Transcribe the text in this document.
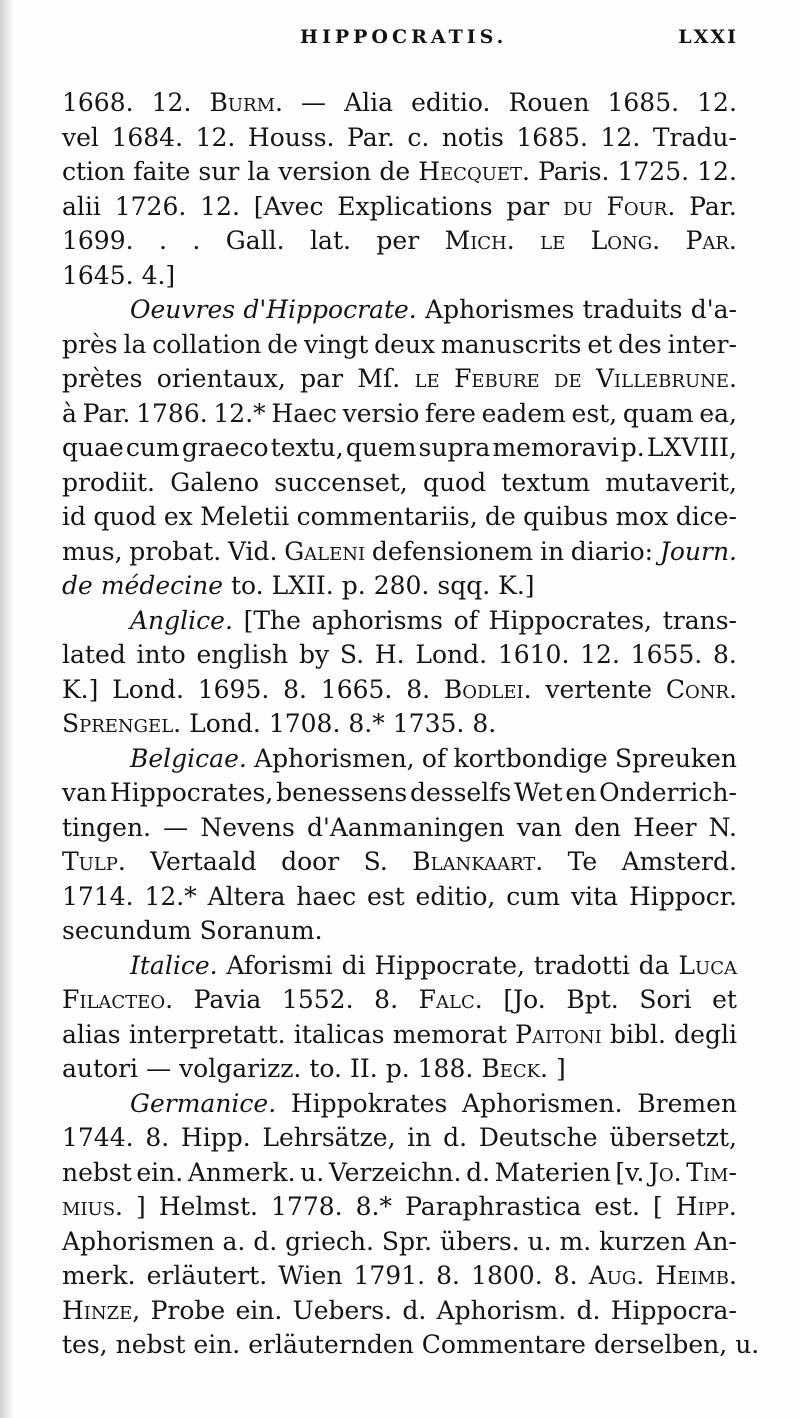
HIPPOCRATIS.	LXXI
1668. 12. Burm. — Alia editio. Rouen 1685. 12.
vel 1684. 12. Houss. Par. c. notis 1685. 12. Tradu-
ction faite sur la version de Hecquet. Paris. 1725. 12.
alii 1726. 12. [Avec Explications par du Four. Par.
1699. . . Gall. lat. per Mich. le Long. Par.
1645. 4.]
Oeuvres d'Hippocrate. Aphorismes traduits d'a-
près la collation de vingt deux manuscrits et des inter-
prètes orientaux, par Mſ. le Febure de Villebrune.
à Par. 1786. 12.* Haec versio fere eadem est, quam ea,
quae cum graeco textu, quem supra memoravi p. LXVIII,
prodiit. Galeno succenset, quod textum mutaverit,
id quod ex Meletii commentariis, de quibus mox dice-
mus, probat. Vid. Galeni defensionem in diario: Journ.
de médecine to. LXII. p. 280. sqq. K.]
Anglice. [The aphorisms of Hippocrates, trans-
lated into english by S. H. Lond. 1610. 12. 1655. 8.
K.] Lond. 1695. 8. 1665. 8. Bodlei. vertente Conr.
Sprengel. Lond. 1708. 8.* 1735. 8.
Belgicae. Aphorismen, of kortbondige Spreuken
van Hippocrates, benessens desselfs Wet en Onderrich-
tingen. — Nevens d'Aanmaningen van den Heer N.
Tulp. Vertaald door S. Blankaart. Te Amsterd.
1714. 12.* Altera haec est editio, cum vita Hippocr.
secundum Soranum.
Italice. Aforismi di Hippocrate, tradotti da Luca
Filacteo. Pavia 1552. 8. Falc. [Jo. Bpt. Sori et
alias interpretatt. italicas memorat Paitoni bibl. degli
autori — volgarizz. to. II. p. 188. Beck. ]
Germanice. Hippokrates Aphorismen. Bremen
1744. 8. Hipp. Lehrsätze, in d. Deutsche übersetzt,
nebst ein. Anmerk. u. Verzeichn. d. Materien [v. Jo. Tim-
mius. ] Helmst. 1778. 8.* Paraphrastica est. [ Hipp.
Aphorismen a. d. griech. Spr. übers. u. m. kurzen An-
merk. erläutert. Wien 1791. 8. 1800. 8. Aug. Heimb.
Hinze, Probe ein. Uebers. d. Aphorism. d. Hippocra-
tes, nebst ein. erläuternden Commentare derselben, u.
